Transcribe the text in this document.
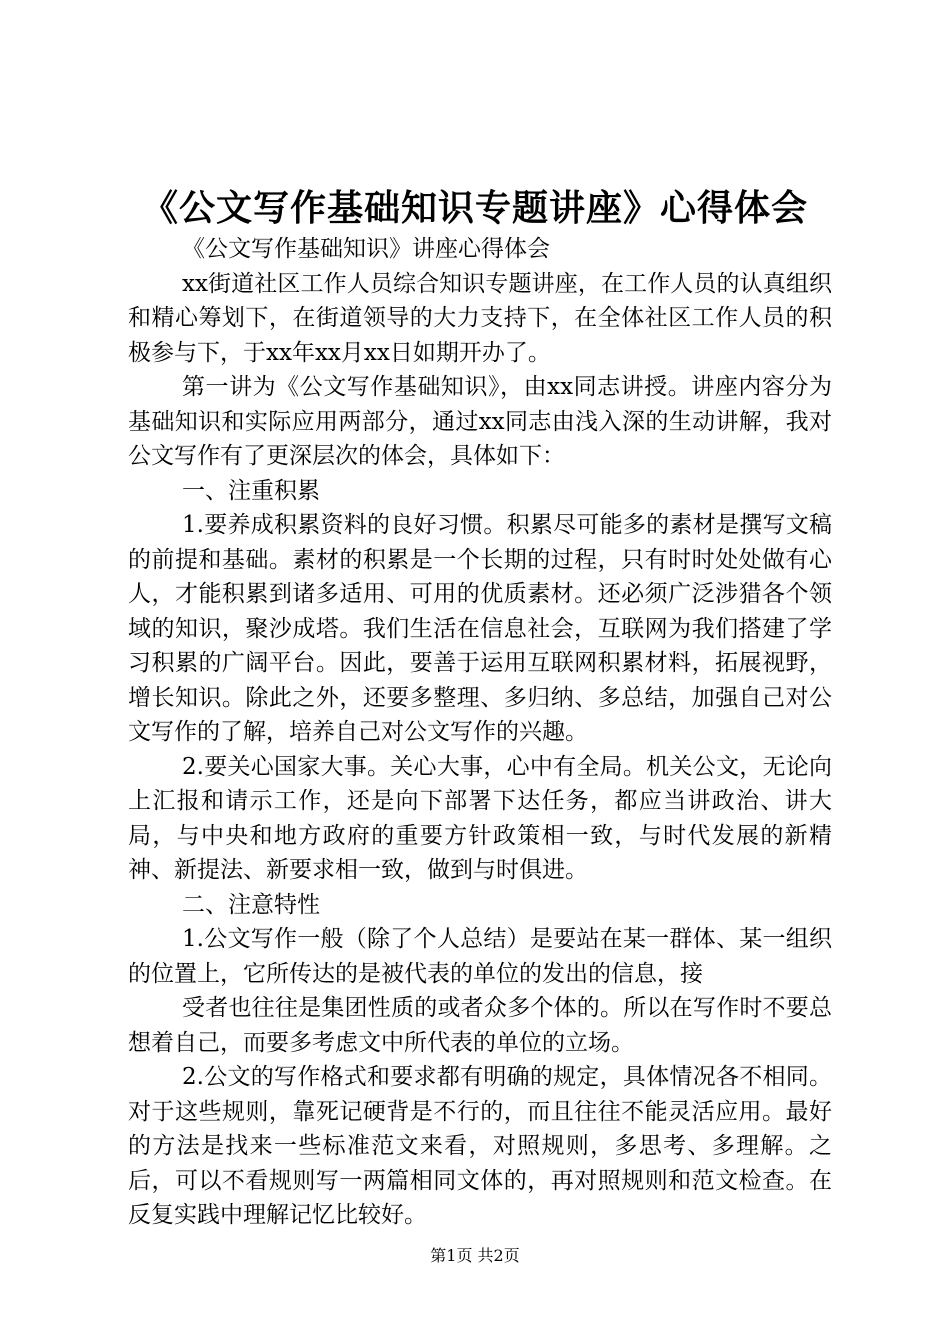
《公文写作基础知识专题讲座》心得体会

《公文写作基础知识》讲座心得体会

xx街道社区工作人员综合知识专题讲座，在工作人员的认真组织和精心筹划下，在街道领导的大力支持下，在全体社区工作人员的积极参与下，于xx年xx月xx日如期开办了。

第一讲为《公文写作基础知识》，由xx同志讲授。讲座内容分为基础知识和实际应用两部分，通过xx同志由浅入深的生动讲解，我对公文写作有了更深层次的体会，具体如下：

一、注重积累

1.要养成积累资料的良好习惯。积累尽可能多的素材是撰写文稿的前提和基础。素材的积累是一个长期的过程，只有时时处处做有心人，才能积累到诸多适用、可用的优质素材。还必须广泛涉猎各个领域的知识，聚沙成塔。我们生活在信息社会，互联网为我们搭建了学习积累的广阔平台。因此，要善于运用互联网积累材料，拓展视野，增长知识。除此之外，还要多整理、多归纳、多总结，加强自己对公文写作的了解，培养自己对公文写作的兴趣。

2.要关心国家大事。关心大事，心中有全局。机关公文，无论向上汇报和请示工作，还是向下部署下达任务，都应当讲政治、讲大局，与中央和地方政府的重要方针政策相一致，与时代发展的新精神、新提法、新要求相一致，做到与时俱进。

二、注意特性

1.公文写作一般（除了个人总结）是要站在某一群体、某一组织的位置上，它所传达的是被代表的单位的发出的信息，接

受者也往往是集团性质的或者众多个体的。所以在写作时不要总想着自己，而要多考虑文中所代表的单位的立场。

2.公文的写作格式和要求都有明确的规定，具体情况各不相同。对于这些规则，靠死记硬背是不行的，而且往往不能灵活应用。最好的方法是找来一些标准范文来看，对照规则，多思考、多理解。之后，可以不看规则写一两篇相同文体的，再对照规则和范文检查。在反复实践中理解记忆比较好。

第1页 共2页
